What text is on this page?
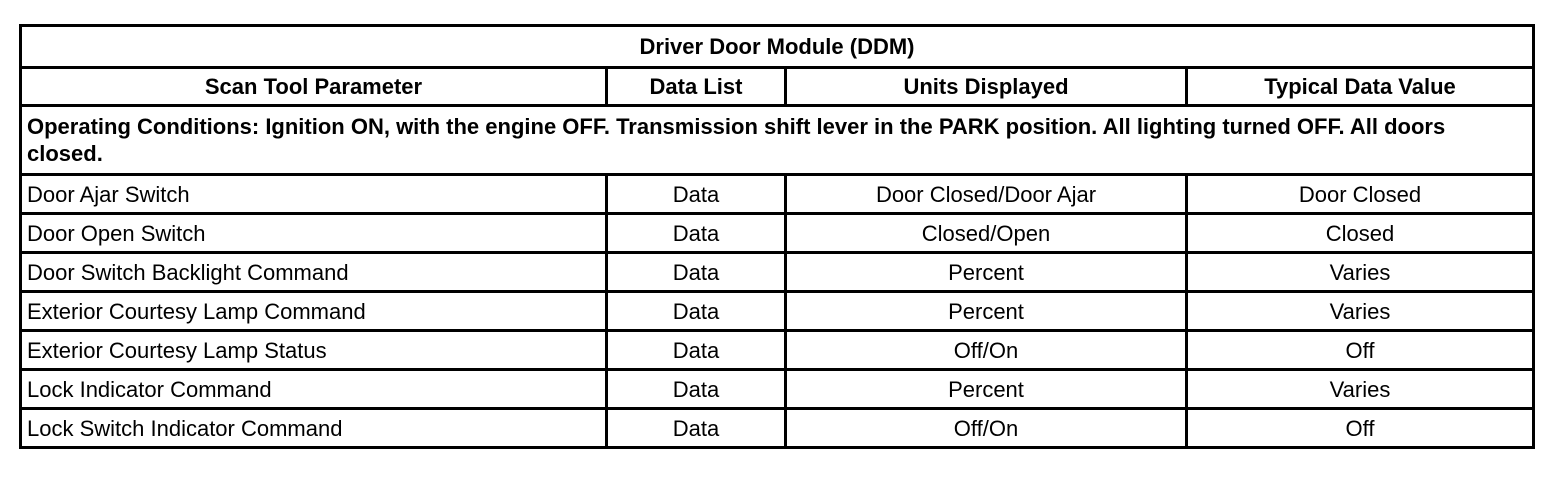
Driver Door Module (DDM)			
Scan Tool Parameter	Data List	Units Displayed	Typical Data Value
Operating Conditions: Ignition ON, with the engine OFF. Transmission shift lever in the PARK position. All lighting turned OFF. All doors closed.			
Door Ajar Switch	Data	Door Closed/Door Ajar	Door Closed
Door Open Switch	Data	Closed/Open	Closed
Door Switch Backlight Command	Data	Percent	Varies
Exterior Courtesy Lamp Command	Data	Percent	Varies
Exterior Courtesy Lamp Status	Data	Off/On	Off
Lock Indicator Command	Data	Percent	Varies
Lock Switch Indicator Command	Data	Off/On	Off
